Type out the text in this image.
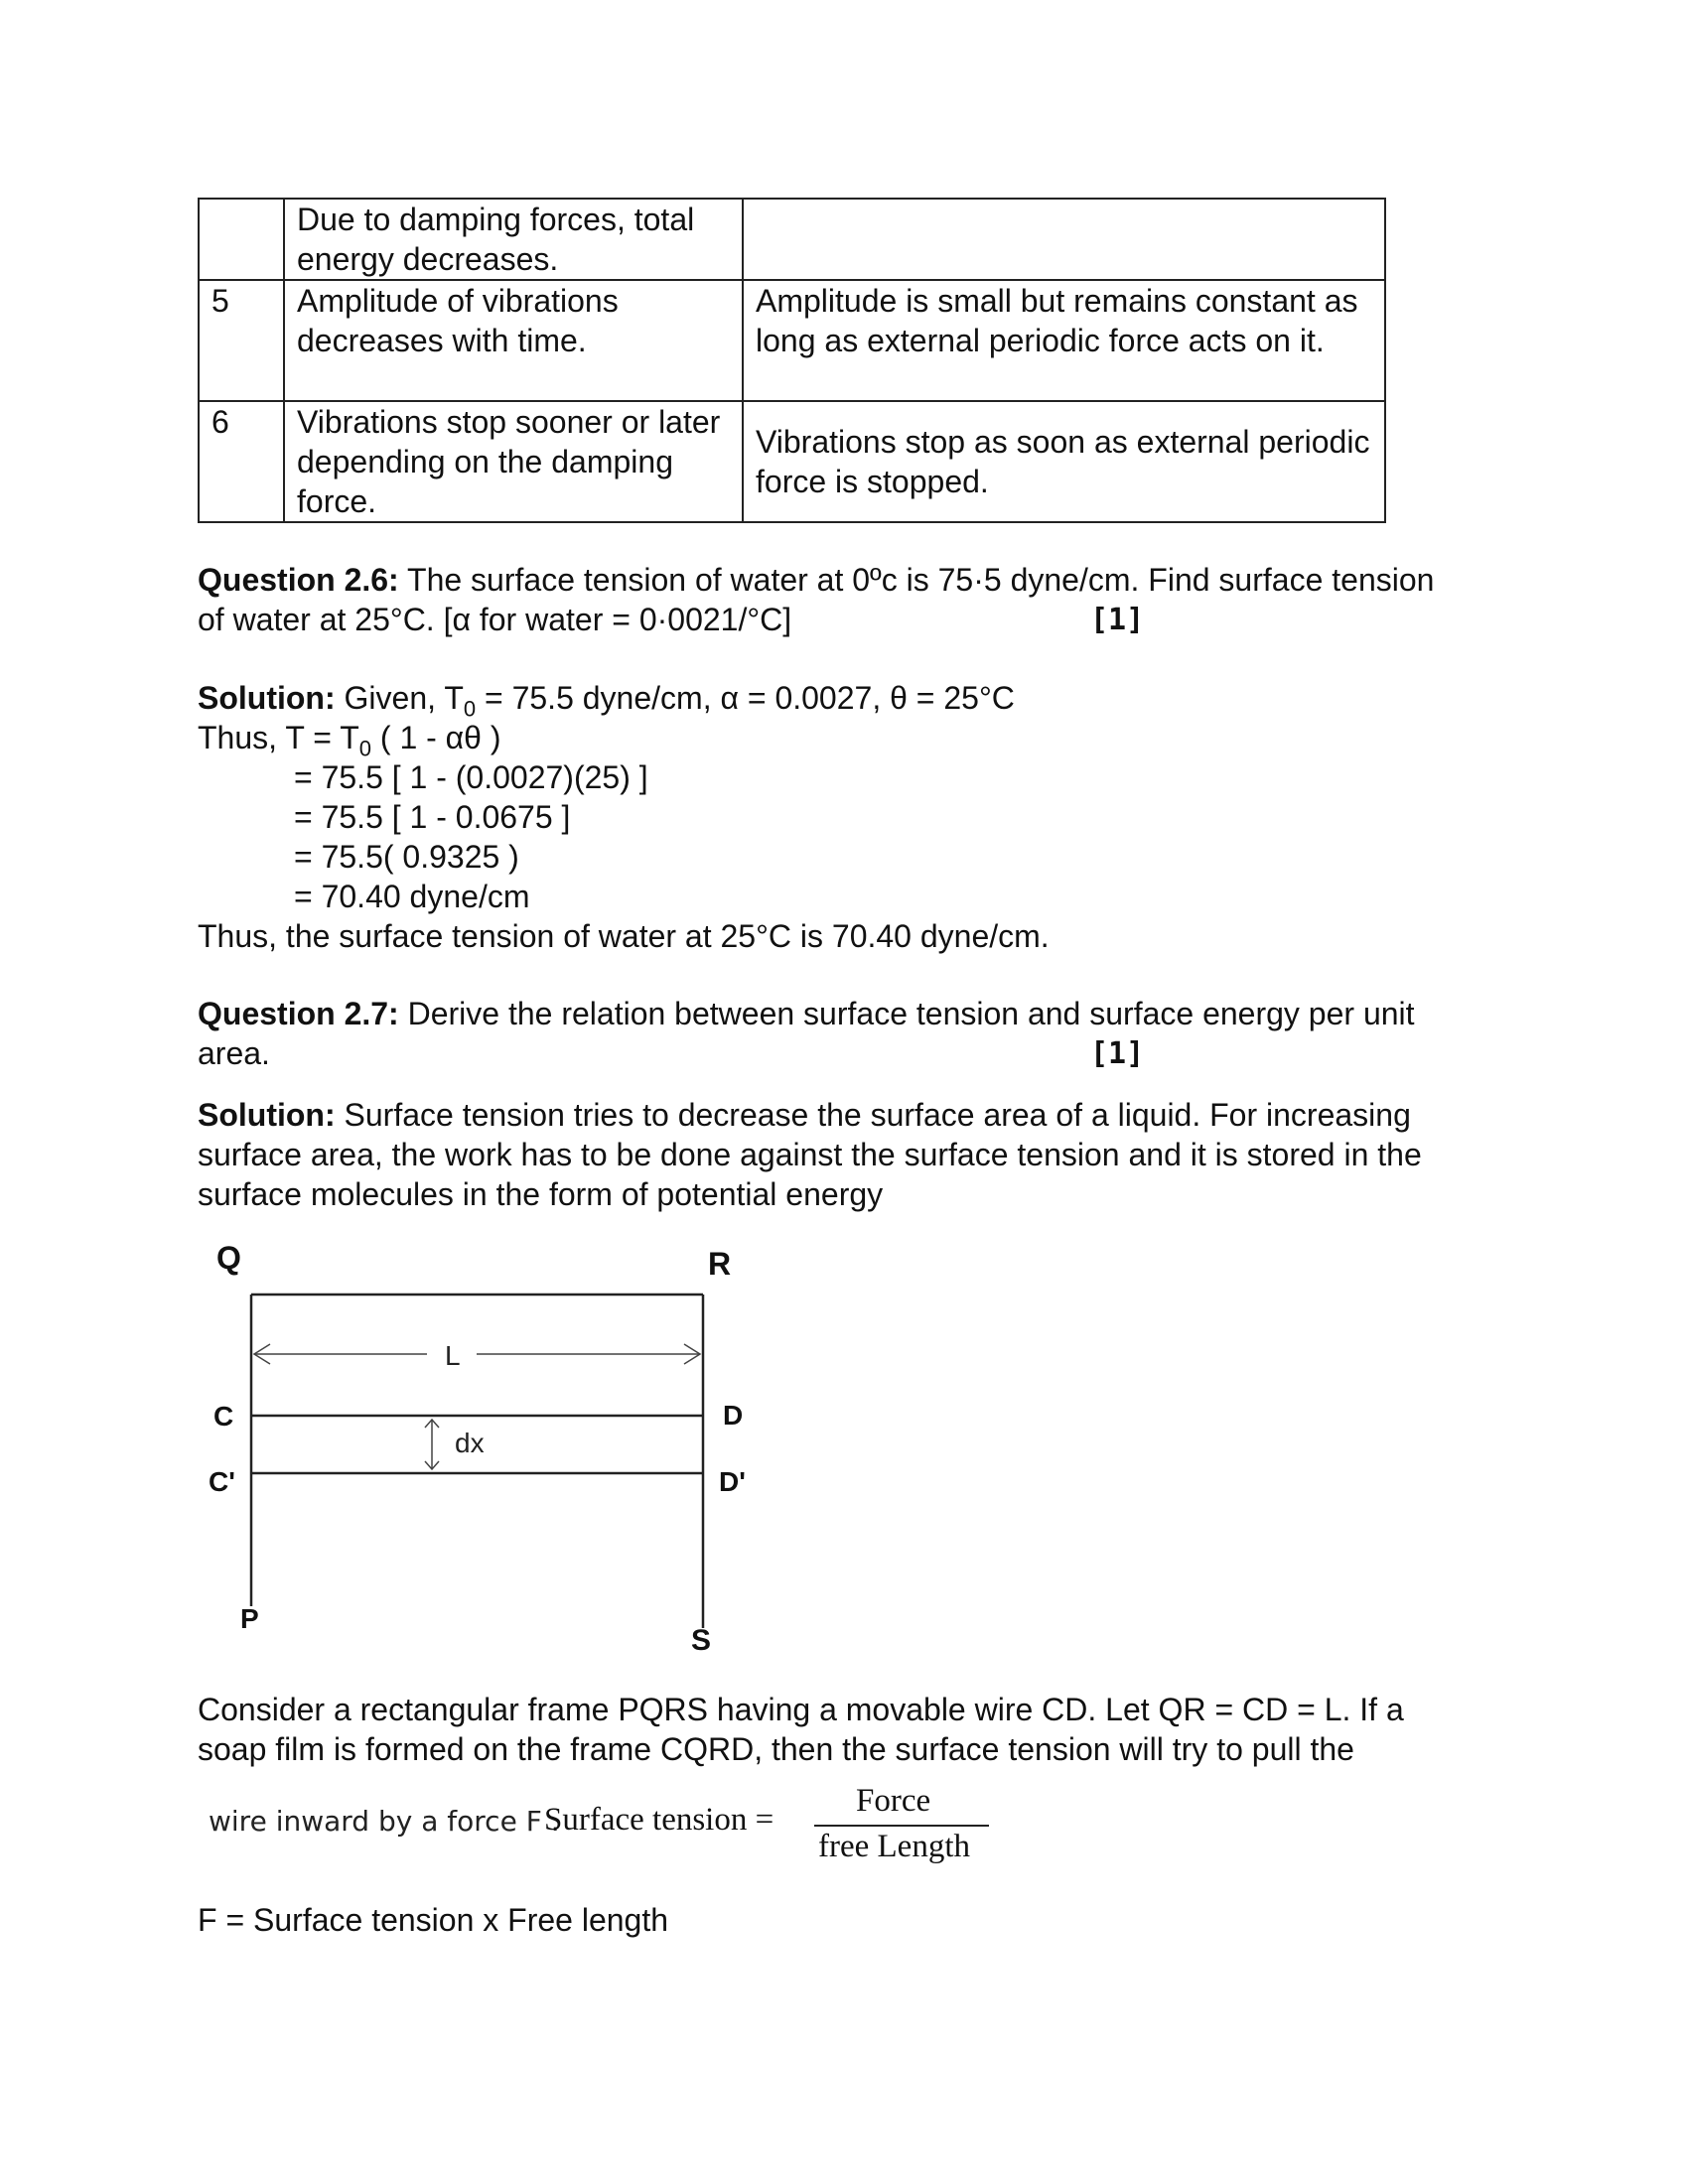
	Due to damping forces, total energy decreases.	
5	Amplitude of vibrations decreases with time.	Amplitude is small but remains constant as long as external periodic force acts on it.
6	Vibrations stop sooner or later depending on the damping force.	Vibrations stop as soon as external periodic force is stopped.
Question 2.6: The surface tension of water at 0ºc is 75·5 dyne/cm. Find surface tension
of water at 25°C. [α for water = 0·0021/°C]	[1]
Solution: Given, $T_0 = 75.5$ dyne/cm, α = 0.0027, θ = 25°C
Thus, $T = T_0$ ( 1 - αθ )
= 75.5 [ 1 - (0.0027)(25) ]
= 75.5 [ 1 - 0.0675 ]
= 75.5( 0.9325 )
= 70.40 dyne/cm
Thus, the surface tension of water at 25°C is 70.40 dyne/cm.
Question 2.7: Derive the relation between surface tension and surface energy per unit
area.	[1]
Solution: Surface tension tries to decrease the surface area of a liquid. For increasing
surface area, the work has to be done against the surface tension and it is stored in the
surface molecules in the form of potential energy
L
dx
Q	R
C	D
C'	D'
P
S
Consider a rectangular frame PQRS having a movable wire CD. Let QR = CD = L. If a
soap film is formed on the frame CQRD, then the surface tension will try to pull the
wire inward by a force F .
Surface tension =
Force
free Length
F = Surface tension x Free length
